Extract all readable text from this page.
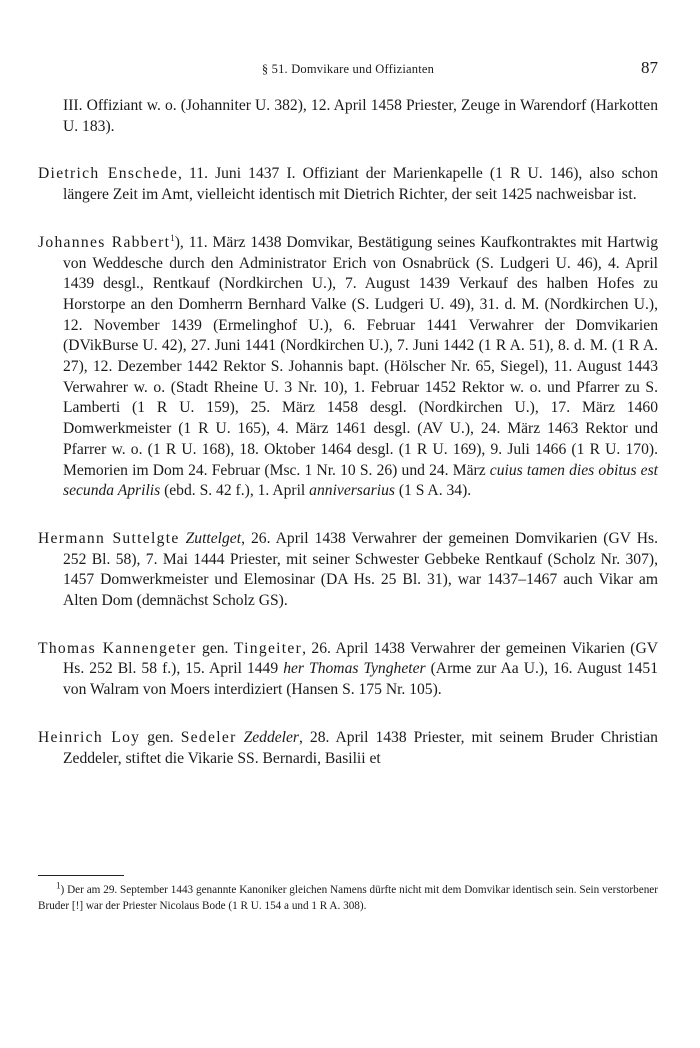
§ 51. Domvikare und Offizianten	87

III. Offiziant w. o. (Johanniter U. 382), 12. April 1458 Priester, Zeuge in Warendorf (Harkotten U. 183).

Dietrich Enschede, 11. Juni 1437 I. Offiziant der Marienkapelle (1 R U. 146), also schon längere Zeit im Amt, vielleicht identisch mit Dietrich Richter, der seit 1425 nachweisbar ist.

Johannes Rabbert$^1$), 11. März 1438 Domvikar, Bestätigung seines Kaufkontraktes mit Hartwig von Weddesche durch den Administrator Erich von Osnabrück (S. Ludgeri U. 46), 4. April 1439 desgl., Rentkauf (Nordkirchen U.), 7. August 1439 Verkauf des halben Hofes zu Horstorpe an den Domherrn Bernhard Valke (S. Ludgeri U. 49), 31. d. M. (Nordkirchen U.), 12. November 1439 (Ermelinghof U.), 6. Februar 1441 Verwahrer der Domvikarien (DVikBurse U. 42), 27. Juni 1441 (Nordkirchen U.), 7. Juni 1442 (1 R A. 51), 8. d. M. (1 R A. 27), 12. Dezember 1442 Rektor S. Johannis bapt. (Hölscher Nr. 65, Siegel), 11. August 1443 Verwahrer w. o. (Stadt Rheine U. 3 Nr. 10), 1. Februar 1452 Rektor w. o. und Pfarrer zu S. Lamberti (1 R U. 159), 25. März 1458 desgl. (Nordkirchen U.), 17. März 1460 Domwerkmeister (1 R U. 165), 4. März 1461 desgl. (AV U.), 24. März 1463 Rektor und Pfarrer w. o. (1 R U. 168), 18. Oktober 1464 desgl. (1 R U. 169), 9. Juli 1466 (1 R U. 170). Memorien im Dom 24. Februar (Msc. 1 Nr. 10 S. 26) und 24. März cuius tamen dies obitus est secunda Aprilis (ebd. S. 42 f.), 1. April anniversarius (1 S A. 34).

Hermann Suttelgte Zuttelget, 26. April 1438 Verwahrer der gemeinen Domvikarien (GV Hs. 252 Bl. 58), 7. Mai 1444 Priester, mit seiner Schwester Gebbeke Rentkauf (Scholz Nr. 307), 1457 Domwerkmeister und Elemosinar (DA Hs. 25 Bl. 31), war 1437–1467 auch Vikar am Alten Dom (demnächst Scholz GS).

Thomas Kannengeter gen. Tingeiter, 26. April 1438 Verwahrer der gemeinen Vikarien (GV Hs. 252 Bl. 58 f.), 15. April 1449 her Thomas Tyngheter (Arme zur Aa U.), 16. August 1451 von Walram von Moers interdiziert (Hansen S. 175 Nr. 105).

Heinrich Loy gen. Sedeler Zeddeler, 28. April 1438 Priester, mit seinem Bruder Christian Zeddeler, stiftet die Vikarie SS. Bernardi, Basilii et

$^1$) Der am 29. September 1443 genannte Kanoniker gleichen Namens dürfte nicht mit dem Domvikar identisch sein. Sein verstorbener Bruder [!] war der Priester Nicolaus Bode (1 R U. 154 a und 1 R A. 308).
